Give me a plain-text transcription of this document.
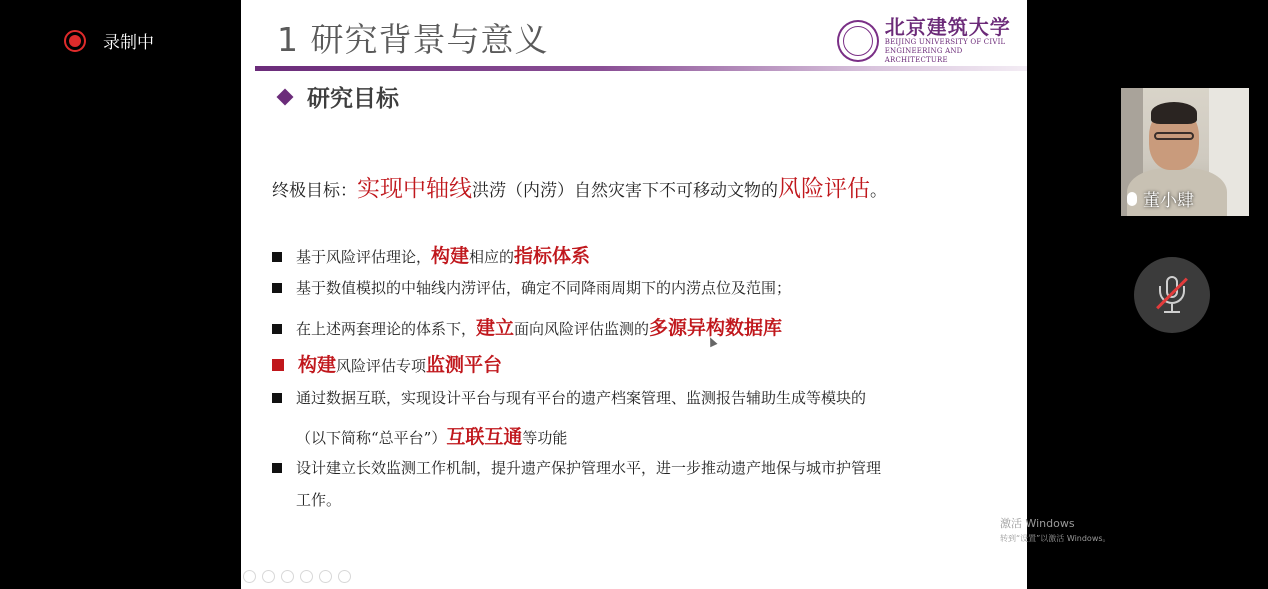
录制中	1 研究背景与意义	北京建筑大学
BEIJING UNIVERSITY OF CIVIL
ENGINEERING AND ARCHITECTURE
研究目标
终极目标：实现中轴线洪涝（内涝）自然灾害下不可移动文物的风险评估。
基于风险评估理论， 构建 相应的 指标体系
基于数值模拟的中轴线内涝评估，确定不同降雨周期下的内涝点位及范围；
在上述两套理论的体系下， 建立 面向风险评估监测的 多源异构数据库
构建 风险评估专项 监测平台
通过数据互联，实现设计平台与现有平台的遗产档案管理、监测报告辅助生成等模块的
（以下简称“总平台”）互联互通等功能
设计建立长效监测工作机制，提升遗产保护管理水平，进一步推动遗产地保与城市护管理
工作。
激活 Windows
转到“设置”以激活 Windows。
董小肆
